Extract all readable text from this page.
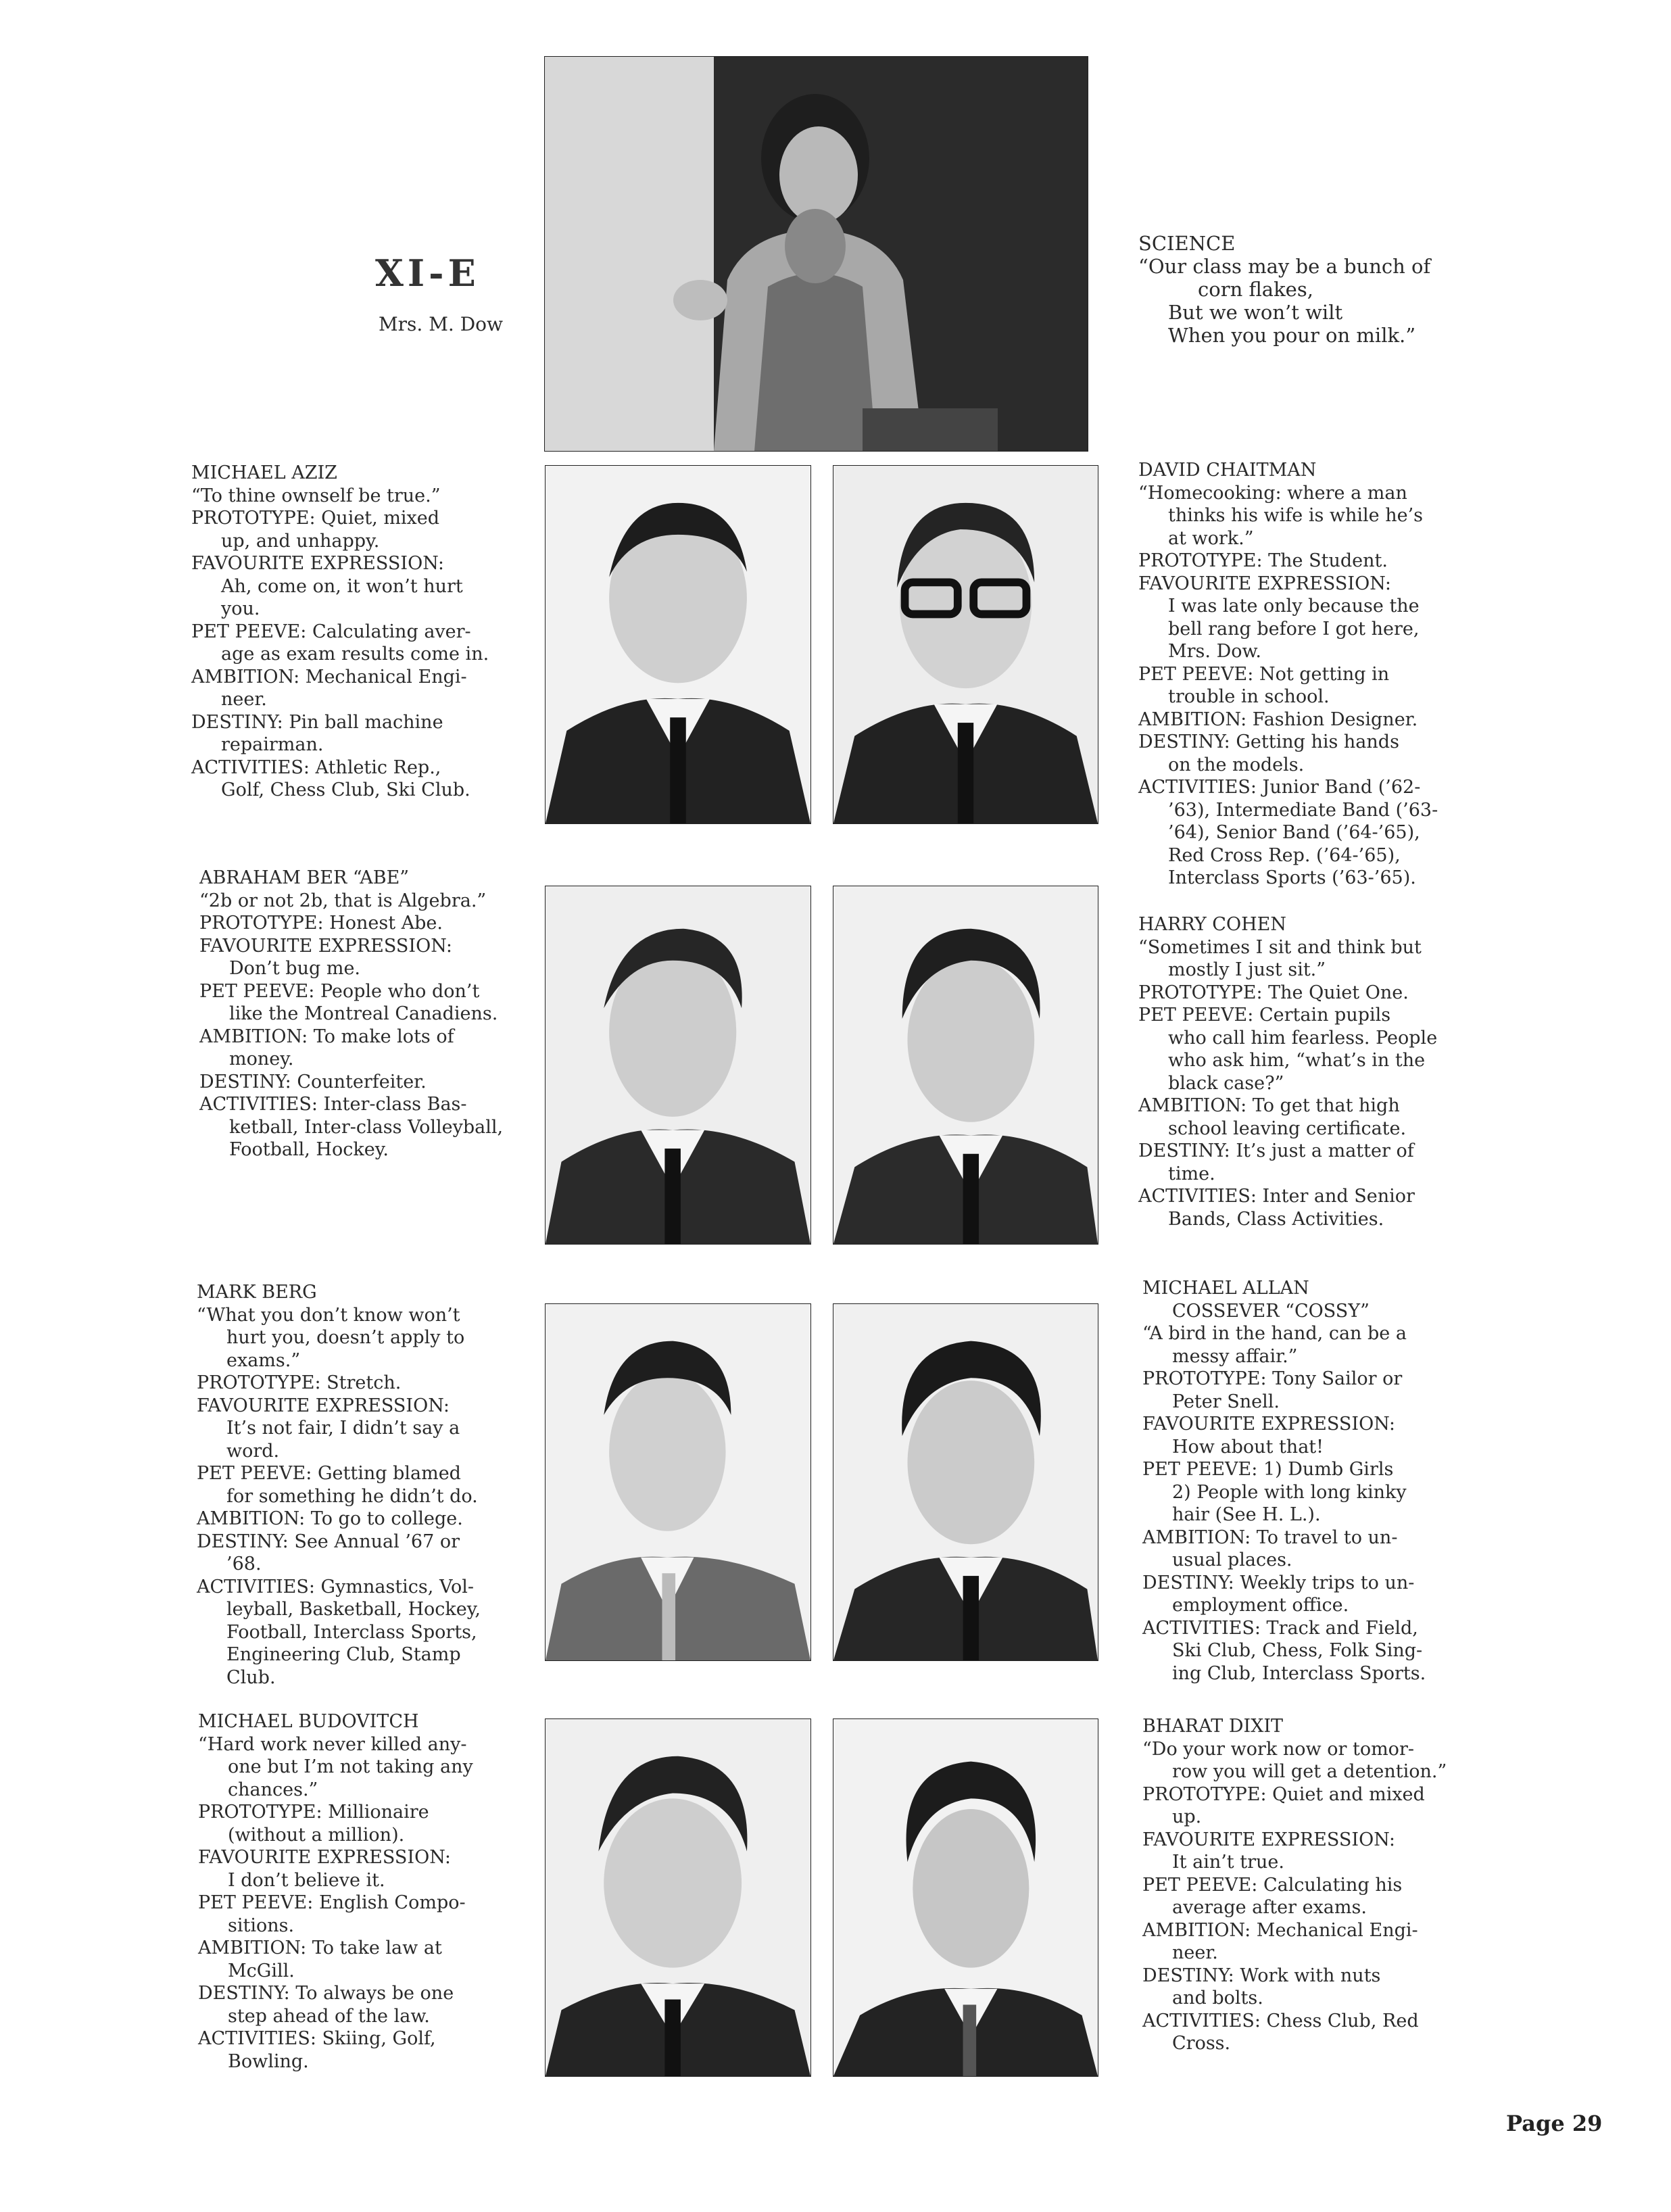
XI-E
Mrs. M. Dow
SCIENCE
“Our class may be a bunch of
corn flakes,
But we won’t wilt
When you pour on milk.”

MICHAEL AZIZ

“To thine ownself be true.”

PROTOTYPE: Quiet, mixed

up, and unhappy.

FAVOURITE EXPRESSION:

Ah, come on, it won’t hurt

you.

PET PEEVE: Calculating aver-

age as exam results come in.

AMBITION: Mechanical Engi-

neer.

DESTINY: Pin ball machine

repairman.

ACTIVITIES: Athletic Rep.,

Golf, Chess Club, Ski Club.

ABRAHAM BER “ABE”

“2b or not 2b, that is Algebra.”

PROTOTYPE: Honest Abe.

FAVOURITE EXPRESSION:

Don’t bug me.

PET PEEVE: People who don’t

like the Montreal Canadiens.

AMBITION: To make lots of

money.

DESTINY: Counterfeiter.

ACTIVITIES: Inter-class Bas-

ketball, Inter-class Volleyball,

Football, Hockey.

MARK BERG

“What you don’t know won’t

hurt you, doesn’t apply to

exams.”

PROTOTYPE: Stretch.

FAVOURITE EXPRESSION:

It’s not fair, I didn’t say a

word.

PET PEEVE: Getting blamed

for something he didn’t do.

AMBITION: To go to college.

DESTINY: See Annual ’67 or

’68.

ACTIVITIES: Gymnastics, Vol-

leyball, Basketball, Hockey,

Football, Interclass Sports,

Engineering Club, Stamp

Club.

MICHAEL BUDOVITCH

“Hard work never killed any-

one but I’m not taking any

chances.”

PROTOTYPE: Millionaire

(without a million).

FAVOURITE EXPRESSION:

I don’t believe it.

PET PEEVE: English Compo-

sitions.

AMBITION: To take law at

McGill.

DESTINY: To always be one

step ahead of the law.

ACTIVITIES: Skiing, Golf,

Bowling.

DAVID CHAITMAN

“Homecooking: where a man

thinks his wife is while he’s

at work.”

PROTOTYPE: The Student.

FAVOURITE EXPRESSION:

I was late only because the

bell rang before I got here,

Mrs. Dow.

PET PEEVE: Not getting in

trouble in school.

AMBITION: Fashion Designer.

DESTINY: Getting his hands

on the models.

ACTIVITIES: Junior Band (’62-

’63), Intermediate Band (’63-

’64), Senior Band (’64-’65),

Red Cross Rep. (’64-’65),

Interclass Sports (’63-’65).

HARRY COHEN

“Sometimes I sit and think but

mostly I just sit.”

PROTOTYPE: The Quiet One.

PET PEEVE: Certain pupils

who call him fearless. People

who ask him, “what’s in the

black case?”

AMBITION: To get that high

school leaving certificate.

DESTINY: It’s just a matter of

time.

ACTIVITIES: Inter and Senior

Bands, Class Activities.

MICHAEL ALLAN

COSSEVER “COSSY”

“A bird in the hand, can be a

messy affair.”

PROTOTYPE: Tony Sailor or

Peter Snell.

FAVOURITE EXPRESSION:

How about that!

PET PEEVE: 1) Dumb Girls

2) People with long kinky

hair (See H. L.).

AMBITION: To travel to un-

usual places.

DESTINY: Weekly trips to un-

employment office.

ACTIVITIES: Track and Field,

Ski Club, Chess, Folk Sing-

ing Club, Interclass Sports.

BHARAT DIXIT

“Do your work now or tomor-

row you will get a detention.”

PROTOTYPE: Quiet and mixed

up.

FAVOURITE EXPRESSION:

It ain’t true.

PET PEEVE: Calculating his

average after exams.

AMBITION: Mechanical Engi-

neer.

DESTINY: Work with nuts

and bolts.

ACTIVITIES: Chess Club, Red

Cross.

Page 29
